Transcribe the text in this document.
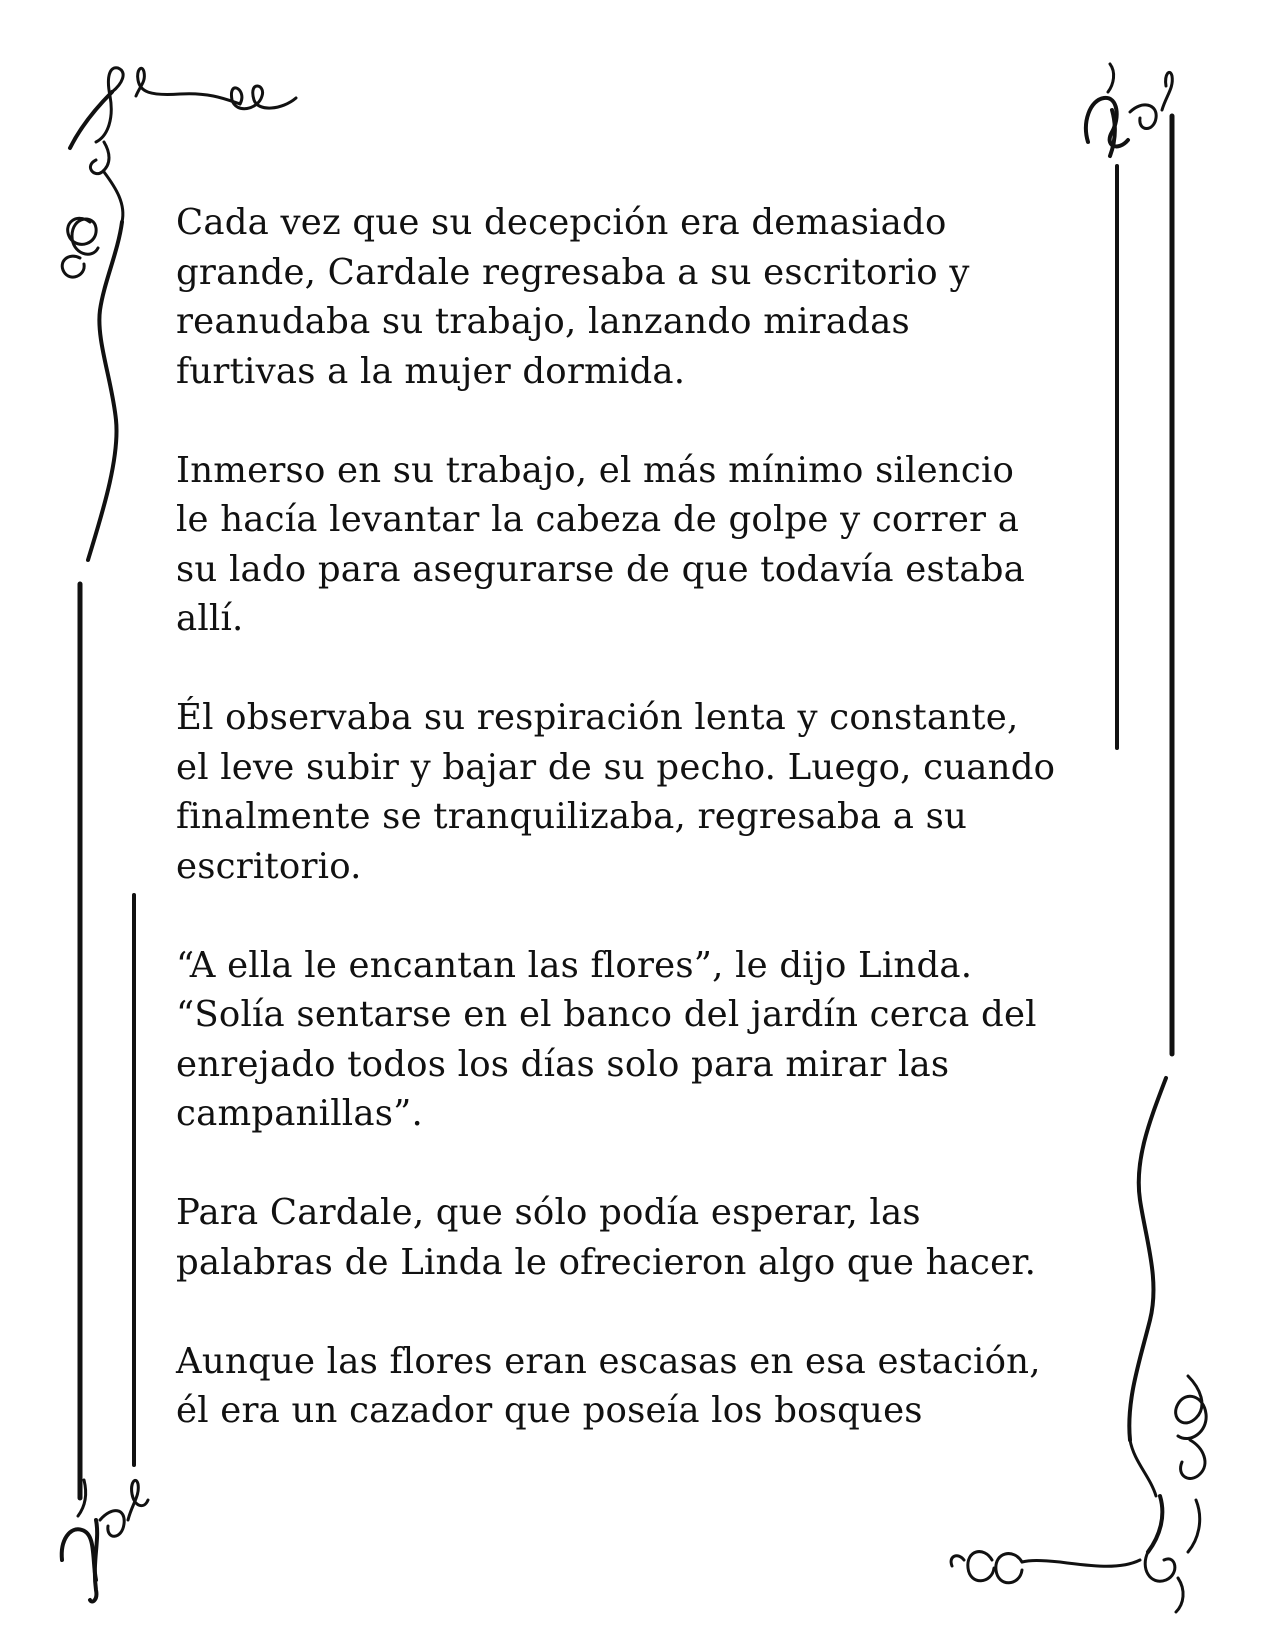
Cada vez que su decepción era demasiado
grande, Cardale regresaba a su escritorio y
reanudaba su trabajo, lanzando miradas
furtivas a la mujer dormida.

Inmerso en su trabajo, el más mínimo silencio
le hacía levantar la cabeza de golpe y correr a
su lado para asegurarse de que todavía estaba
allí.

Él observaba su respiración lenta y constante,
el leve subir y bajar de su pecho. Luego, cuando
finalmente se tranquilizaba, regresaba a su
escritorio.

“A ella le encantan las flores”, le dijo Linda.
“Solía sentarse en el banco del jardín cerca del
enrejado todos los días solo para mirar las
campanillas”.

Para Cardale, que sólo podía esperar, las
palabras de Linda le ofrecieron algo que hacer.

Aunque las flores eran escasas en esa estación,
él era un cazador que poseía los bosques
